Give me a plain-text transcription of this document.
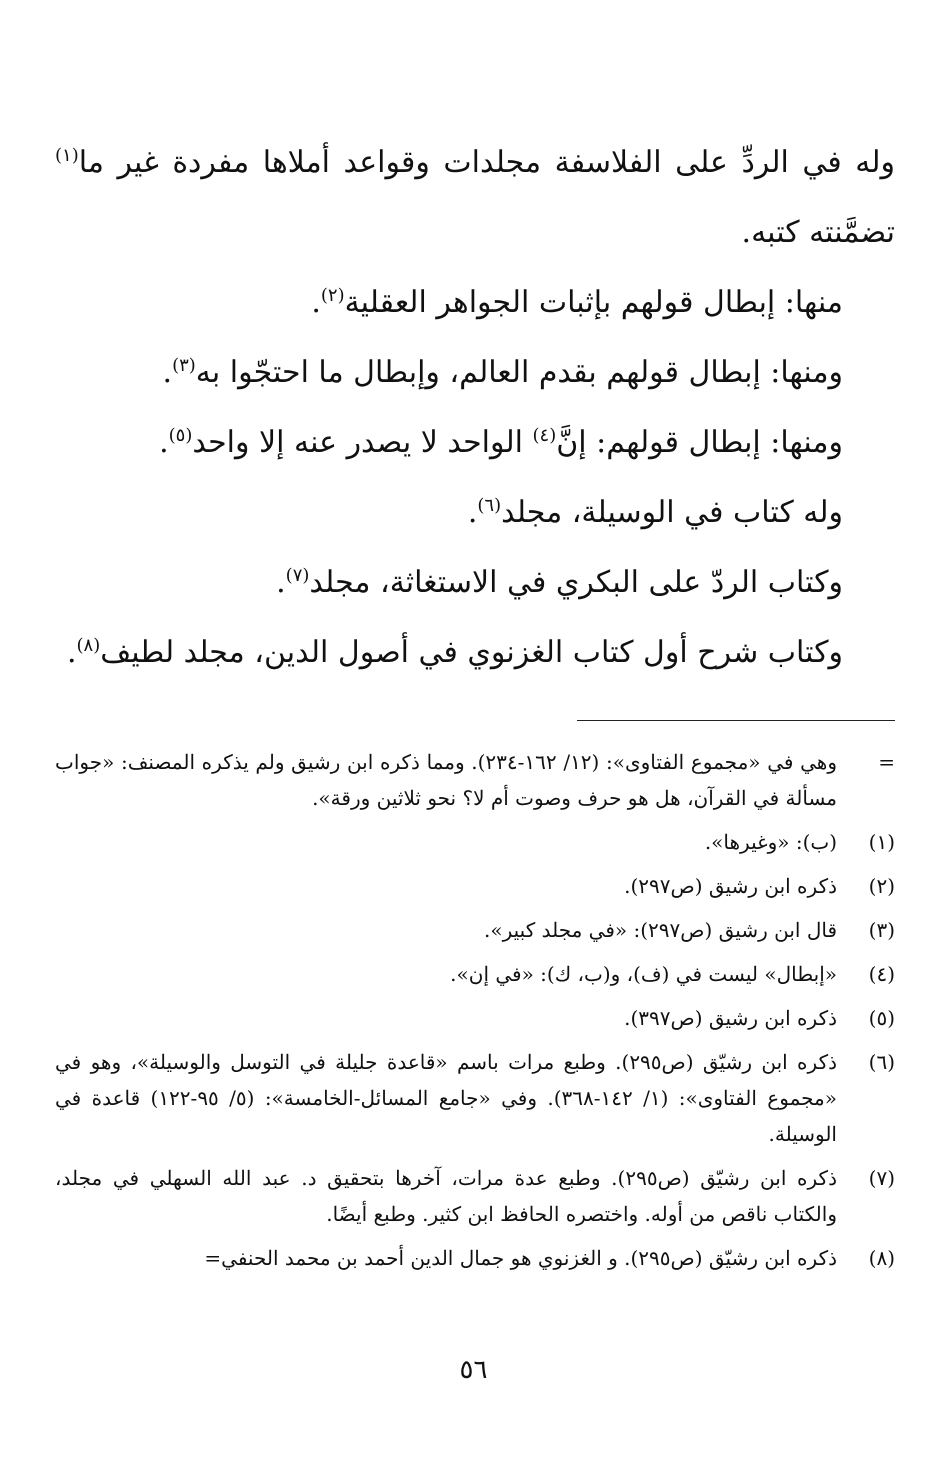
وله في الردِّ على الفلاسفة مجلدات وقواعد أملاها مفردة غير ما$^{(١)}$ تضمَّنته كتبه.

منها: إبطال قولهم بإثبات الجواهر العقلية$^{(٢)}$.

ومنها: إبطال قولهم بقدم العالم، وإبطال ما احتجّوا به$^{(٣)}$.

ومنها: إبطال قولهم: إنَّ$^{(٤)}$ الواحد لا يصدر عنه إلا واحد$^{(٥)}$.

وله كتاب في الوسيلة، مجلد$^{(٦)}$.

وكتاب الردّ على البكري في الاستغاثة، مجلد$^{(٧)}$.

وكتاب شرح أول كتاب الغزنوي في أصول الدين، مجلد لطيف$^{(٨)}$.

=
وهي في «مجموع الفتاوى»: (١٢/ ١٦٢-٢٣٤). ومما ذكره ابن رشيق ولم يذكره المصنف: «جواب مسألة في القرآن، هل هو حرف وصوت أم لا؟ نحو ثلاثين ورقة».
(١)
(ب): «وغيرها».
(٢)
ذكره ابن رشيق (ص٢٩٧).
(٣)
قال ابن رشيق (ص٢٩٧): «في مجلد كبير».
(٤)
«إبطال» ليست في (ف)، و(ب، ك): «في إن».
(٥)
ذكره ابن رشيق (ص٣٩٧).
(٦)
ذكره ابن رشيّق (ص٢٩٥). وطبع مرات باسم «قاعدة جليلة في التوسل والوسيلة»، وهو في «مجموع الفتاوى»: (١/ ١٤٢-٣٦٨). وفي «جامع المسائل-الخامسة»: (٥/ ٩٥-١٢٢) قاعدة في الوسيلة.
(٧)
ذكره ابن رشيّق (ص٢٩٥). وطبع عدة مرات، آخرها بتحقيق د. عبد الله السهلي في مجلد، والكتاب ناقص من أوله. واختصره الحافظ ابن كثير. وطبع أيضًا.
(٨)
ذكره ابن رشيّق (ص٢٩٥). و الغزنوي هو جمال الدين أحمد بن محمد الحنفي=
٥٦
